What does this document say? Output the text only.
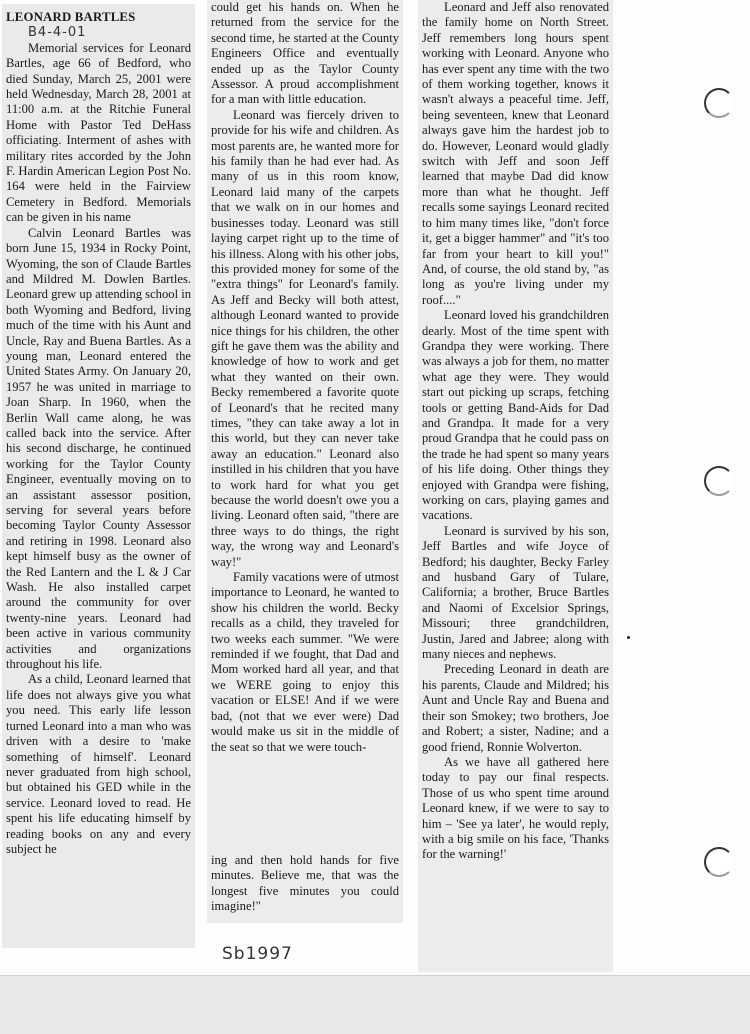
LEONARD BARTLES
B4-4-01

Memorial services for Leonard Bartles, age 66 of Bedford, who died Sunday, March 25, 2001 were held Wednesday, March 28, 2001 at 11:00 a.m. at the Ritchie Funeral Home with Pastor Ted DeHass officiating. Interment of ashes with military rites accorded by the John F. Hardin American Legion Post No. 164 were held in the Fairview Cemetery in Bedford. Memorials can be given in his name

Calvin Leonard Bartles was born June 15, 1934 in Rocky Point, Wyoming, the son of Claude Bartles and Mildred M. Dowlen Bartles. Leonard grew up attending school in both Wyoming and Bedford, living much of the time with his Aunt and Uncle, Ray and Buena Bartles. As a young man, Leonard entered the United States Army. On January 20, 1957 he was united in marriage to Joan Sharp. In 1960, when the Berlin Wall came along, he was called back into the service. After his second discharge, he continued working for the Taylor County Engineer, eventually moving on to an assistant assessor position, serving for several years before becoming Taylor County Assessor and retiring in 1998. Leonard also kept himself busy as the owner of the Red Lantern and the L & J Car Wash. He also installed carpet around the community for over twenty-nine years. Leonard had been active in various community activities and organizations throughout his life.

As a child, Leonard learned that life does not always give you what you need. This early life lesson turned Leonard into a man who was driven with a desire to 'make something of himself'. Leonard never graduated from high school, but obtained his GED while in the service. Leonard loved to read. He spent his life educating himself by reading books on any and every subject he

could get his hands on. When he returned from the service for the second time, he started at the County Engineers Office and eventually ended up as the Taylor County Assessor. A proud accomplishment for a man with little education.

Leonard was fiercely driven to provide for his wife and children. As most parents are, he wanted more for his family than he had ever had. As many of us in this room know, Leonard laid many of the carpets that we walk on in our homes and businesses today. Leonard was still laying carpet right up to the time of his illness. Along with his other jobs, this provided money for some of the "extra things" for Leonard's family. As Jeff and Becky will both attest, although Leonard wanted to provide nice things for his children, the other gift he gave them was the ability and knowledge of how to work and get what they wanted on their own. Becky remembered a favorite quote of Leonard's that he recited many times, "they can take away a lot in this world, but they can never take away an education." Leonard also instilled in his children that you have to work hard for what you get because the world doesn't owe you a living. Leonard often said, "there are three ways to do things, the right way, the wrong way and Leonard's way!"

Family vacations were of utmost importance to Leonard, he wanted to show his children the world. Becky recalls as a child, they traveled for two weeks each summer. "We were reminded if we fought, that Dad and Mom worked hard all year, and that we WERE going to enjoy this vacation or ELSE! And if we were bad, (not that we ever were) Dad would make us sit in the middle of the seat so that we were touch-

ing and then hold hands for five minutes. Believe me, that was the longest five minutes you could imagine!"

Leonard and Jeff also renovated the family home on North Street. Jeff remembers long hours spent working with Leonard. Anyone who has ever spent any time with the two of them working together, knows it wasn't always a peaceful time. Jeff, being seventeen, knew that Leonard always gave him the hardest job to do. However, Leonard would gladly switch with Jeff and soon Jeff learned that maybe Dad did know more than what he thought. Jeff recalls some sayings Leonard recited to him many times like, "don't force it, get a bigger hammer" and "it's too far from your heart to kill you!" And, of course, the old stand by, "as long as you're living under my roof...."

Leonard loved his grandchildren dearly. Most of the time spent with Grandpa they were working. There was always a job for them, no matter what age they were. They would start out picking up scraps, fetching tools or getting Band-Aids for Dad and Grandpa. It made for a very proud Grandpa that he could pass on the trade he had spent so many years of his life doing. Other things they enjoyed with Grandpa were fishing, working on cars, playing games and vacations.

Leonard is survived by his son, Jeff Bartles and wife Joyce of Bedford; his daughter, Becky Farley and husband Gary of Tulare, California; a brother, Bruce Bartles and Naomi of Excelsior Springs, Missouri; three grandchildren, Justin, Jared and Jabree; along with many nieces and nephews.

Preceding Leonard in death are his parents, Claude and Mildred; his Aunt and Uncle Ray and Buena and their son Smokey; two brothers, Joe and Robert; a sister, Nadine; and a good friend, Ronnie Wolverton.

As we have all gathered here today to pay our final respects. Those of us who spent time around Leonard knew, if we were to say to him – 'See ya later', he would reply, with a big smile on his face, 'Thanks for the warning!'

Sb1997
